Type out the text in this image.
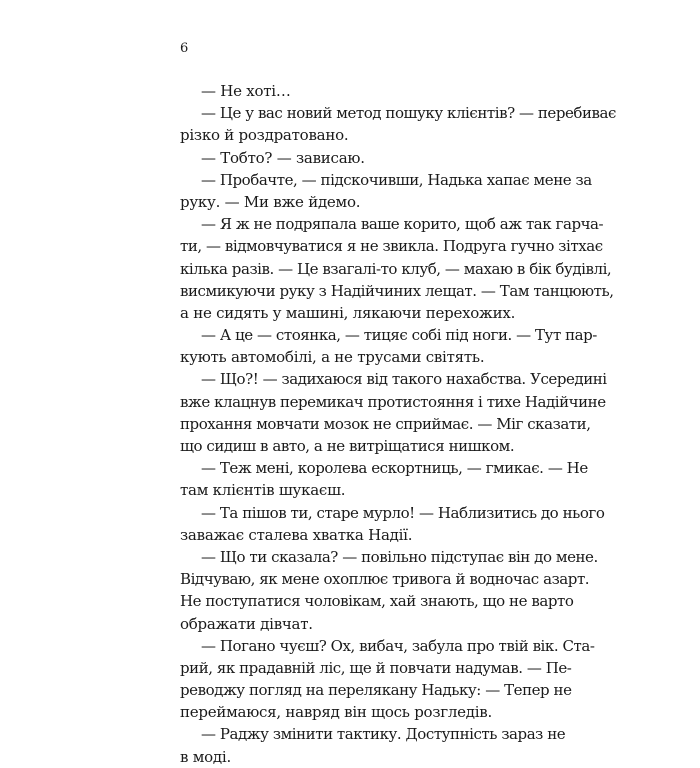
6
— Не хоті…
— Це у вас новий метод пошуку клієнтів? — перебиває
різко й роздратовано.
— Тобто? — зависаю.
— Пробачте, — підскочивши, Надька хапає мене за
руку. — Ми вже йдемо.
— Я ж не подряпала ваше корито, щоб аж так гарча-
ти, — відмовчуватися я не звикла. Подруга гучно зітхає
кілька разів. — Це взагалі-то клуб, — махаю в бік будівлі,
висмикуючи руку з Надійчиних лещат. — Там танцюють,
а не сидять у машині, лякаючи перехожих.
— А це — стоянка, — тицяє собі під ноги. — Тут пар-
кують автомобілі, а не трусами світять.
— Що?! — задихаюся від такого нахабства. Усередині
вже клацнув перемикач протистояння і тихе Надійчине
прохання мовчати мозок не сприймає. — Міг сказати,
що сидиш в авто, а не витріщатися нишком.
— Теж мені, королева ескортниць, — гмикає. — Не
там клієнтів шукаєш.
— Та пішов ти, старе мурло! — Наблизитись до нього
заважає сталева хватка Надії.
— Що ти сказала? — повільно підступає він до мене.
Відчуваю, як мене охоплює тривога й водночас азарт.
Не поступатися чоловікам, хай знають, що не варто
ображати дівчат.
— Погано чуєш? Ох, вибач, забула про твій вік. Ста-
рий, як прадавній ліс, ще й повчати надумав. — Пе-
реводжу погляд на перелякану Надьку: — Тепер не
переймаюся, навряд він щось розгледів.
— Раджу змінити тактику. Доступність зараз не
в моді.
